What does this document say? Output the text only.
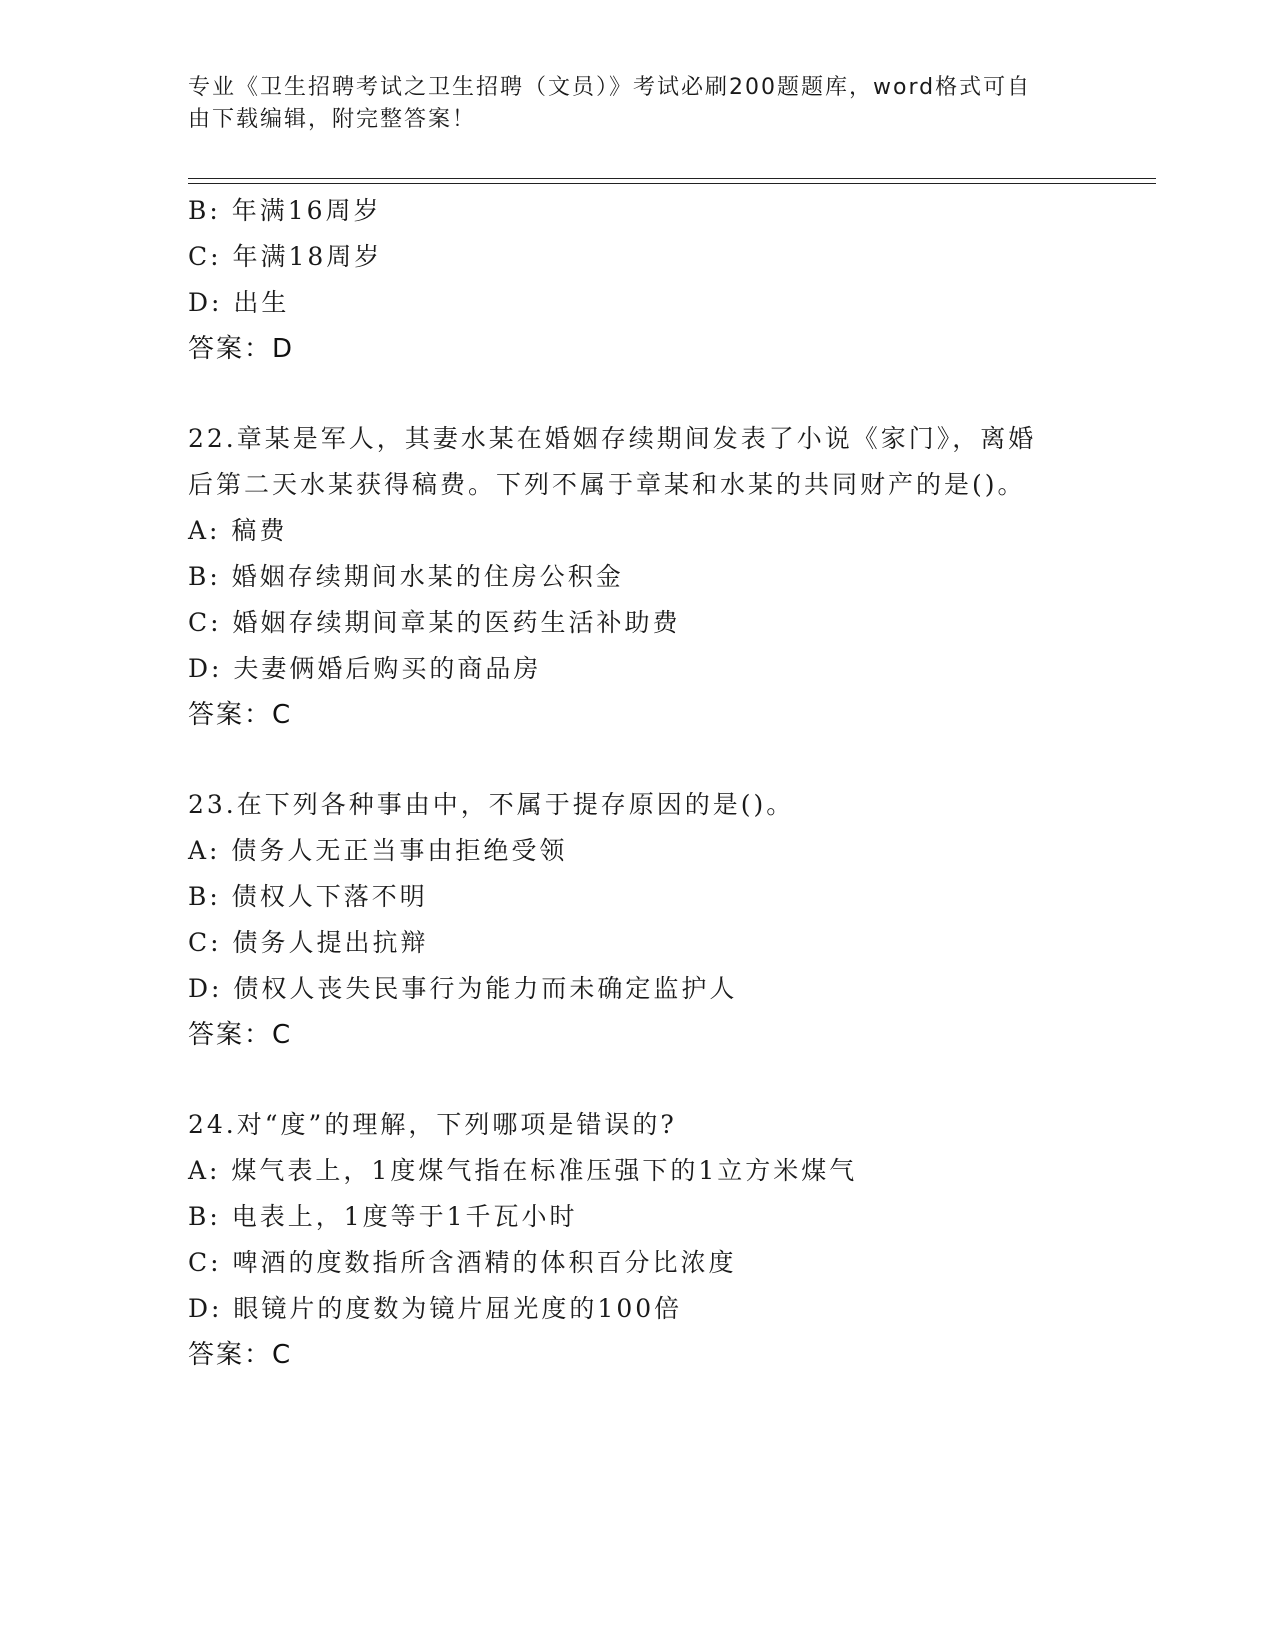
专业《卫生招聘考试之卫生招聘（文员）》考试必刷200题题库，word格式可自
由下载编辑，附完整答案！
B: 年满16周岁
C: 年满18周岁
D: 出生
答案：D
22.章某是军人，其妻水某在婚姻存续期间发表了小说《家门》，离婚
后第二天水某获得稿费。下列不属于章某和水某的共同财产的是()。
A: 稿费
B: 婚姻存续期间水某的住房公积金
C: 婚姻存续期间章某的医药生活补助费
D: 夫妻俩婚后购买的商品房
答案：C
23.在下列各种事由中，不属于提存原因的是()。
A: 债务人无正当事由拒绝受领
B: 债权人下落不明
C: 债务人提出抗辩
D: 债权人丧失民事行为能力而未确定监护人
答案：C
24.对“度”的理解，下列哪项是错误的?
A: 煤气表上，1度煤气指在标准压强下的1立方米煤气
B: 电表上，1度等于1千瓦小时
C: 啤酒的度数指所含酒精的体积百分比浓度
D: 眼镜片的度数为镜片屈光度的100倍
答案：C
